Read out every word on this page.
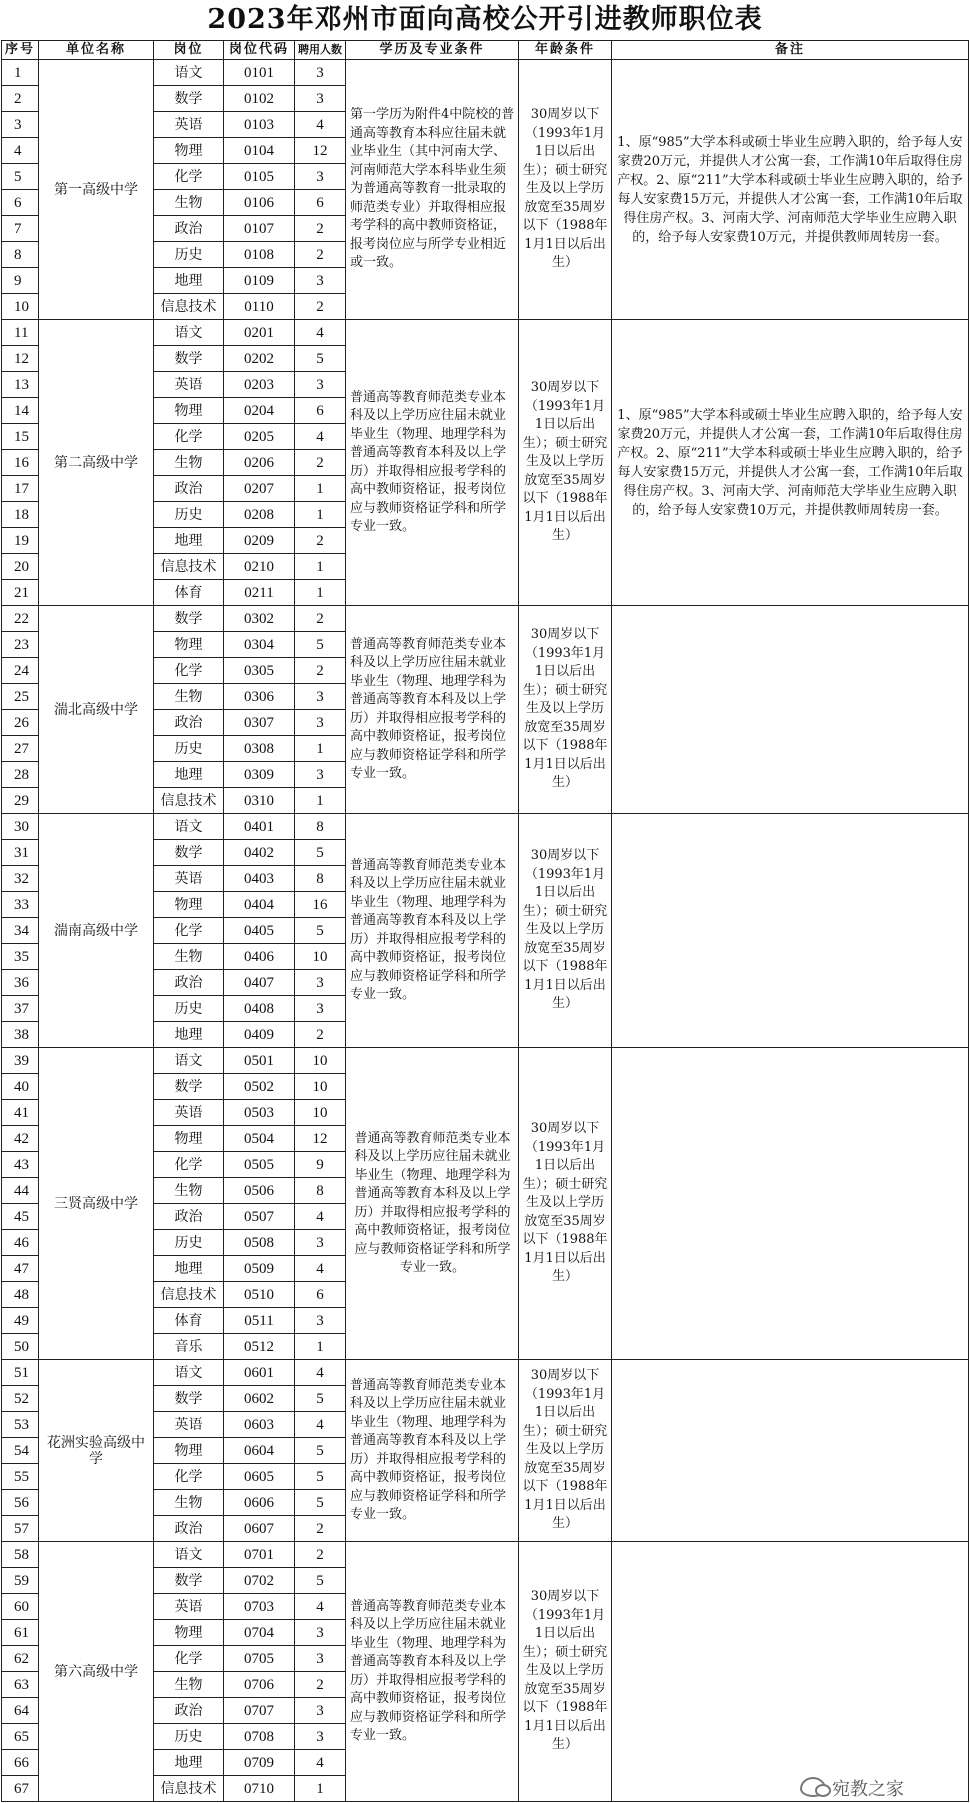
2023年邓州市面向高校公开引进教师职位表
序号	单位名称	岗位	岗位代码	聘用人数	学历及专业条件	年龄条件	备注
1	第一高级中学	语文	0101	3	第一学历为附件4中院校的普通高等教育本科应往届未就业毕业生（其中河南大学、河南师范大学本科毕业生须为普通高等教育一批录取的师范类专业）并取得相应报考学科的高中教师资格证，报考岗位应与所学专业相近或一致。	30周岁以下（1993年1月1日以后出生）；硕士研究生及以上学历放宽至35周岁以下（1988年1月1日以后出生）	1、原“985”大学本科或硕士毕业生应聘入职的，给予每人安家费20万元，并提供人才公寓一套，工作满10年后取得住房产权。2、原“211”大学本科或硕士毕业生应聘入职的，给予每人安家费15万元，并提供人才公寓一套，工作满10年后取得住房产权。3、河南大学、河南师范大学毕业生应聘入职的，给予每人安家费10万元，并提供教师周转房一套。
2		数学	0102	3			
3		英语	0103	4			
4		物理	0104	12			
5		化学	0105	3			
6		生物	0106	6			
7		政治	0107	2			
8		历史	0108	2			
9		地理	0109	3			
10		信息技术	0110	2			
11	第二高级中学	语文	0201	4	普通高等教育师范类专业本科及以上学历应往届未就业毕业生（物理、地理学科为普通高等教育本科及以上学历）并取得相应报考学科的高中教师资格证，报考岗位应与教师资格证学科和所学专业一致。	30周岁以下（1993年1月1日以后出生）；硕士研究生及以上学历放宽至35周岁以下（1988年1月1日以后出生）	1、原“985”大学本科或硕士毕业生应聘入职的，给予每人安家费20万元，并提供人才公寓一套，工作满10年后取得住房产权。2、原“211”大学本科或硕士毕业生应聘入职的，给予每人安家费15万元，并提供人才公寓一套，工作满10年后取得住房产权。3、河南大学、河南师范大学毕业生应聘入职的，给予每人安家费10万元，并提供教师周转房一套。
12		数学	0202	5			
13		英语	0203	3			
14		物理	0204	6			
15		化学	0205	4			
16		生物	0206	2			
17		政治	0207	1			
18		历史	0208	1			
19		地理	0209	2			
20		信息技术	0210	1			
21		体育	0211	1			
22	湍北高级中学	数学	0302	2	普通高等教育师范类专业本科及以上学历应往届未就业毕业生（物理、地理学科为普通高等教育本科及以上学历）并取得相应报考学科的高中教师资格证，报考岗位应与教师资格证学科和所学专业一致。	30周岁以下（1993年1月1日以后出生）；硕士研究生及以上学历放宽至35周岁以下（1988年1月1日以后出生）	
23		物理	0304	5			
24		化学	0305	2			
25		生物	0306	3			
26		政治	0307	3			
27		历史	0308	1			
28		地理	0309	3			
29		信息技术	0310	1			
30	湍南高级中学	语文	0401	8	普通高等教育师范类专业本科及以上学历应往届未就业毕业生（物理、地理学科为普通高等教育本科及以上学历）并取得相应报考学科的高中教师资格证，报考岗位应与教师资格证学科和所学专业一致。	30周岁以下（1993年1月1日以后出生）；硕士研究生及以上学历放宽至35周岁以下（1988年1月1日以后出生）	
31		数学	0402	5			
32		英语	0403	8			
33		物理	0404	16			
34		化学	0405	5			
35		生物	0406	10			
36		政治	0407	3			
37		历史	0408	3			
38		地理	0409	2			
39	三贤高级中学	语文	0501	10	普通高等教育师范类专业本科及以上学历应往届未就业毕业生（物理、地理学科为普通高等教育本科及以上学历）并取得相应报考学科的高中教师资格证，报考岗位应与教师资格证学科和所学专业一致。	30周岁以下（1993年1月1日以后出生）；硕士研究生及以上学历放宽至35周岁以下（1988年1月1日以后出生）	
40		数学	0502	10			
41		英语	0503	10			
42		物理	0504	12			
43		化学	0505	9			
44		生物	0506	8			
45		政治	0507	4			
46		历史	0508	3			
47		地理	0509	4			
48		信息技术	0510	6			
49		体育	0511	3			
50		音乐	0512	1			
51	花洲实验高级中学	语文	0601	4	普通高等教育师范类专业本科及以上学历应往届未就业毕业生（物理、地理学科为普通高等教育本科及以上学历）并取得相应报考学科的高中教师资格证，报考岗位应与教师资格证学科和所学专业一致。	30周岁以下（1993年1月1日以后出生）；硕士研究生及以上学历放宽至35周岁以下（1988年1月1日以后出生）	
52		数学	0602	5			
53		英语	0603	4			
54		物理	0604	5			
55		化学	0605	5			
56		生物	0606	5			
57		政治	0607	2			
58	第六高级中学	语文	0701	2	普通高等教育师范类专业本科及以上学历应往届未就业毕业生（物理、地理学科为普通高等教育本科及以上学历）并取得相应报考学科的高中教师资格证，报考岗位应与教师资格证学科和所学专业一致。	30周岁以下（1993年1月1日以后出生）；硕士研究生及以上学历放宽至35周岁以下（1988年1月1日以后出生）	
59		数学	0702	5			
60		英语	0703	4			
61		物理	0704	3			
62		化学	0705	3			
63		生物	0706	2			
64		政治	0707	3			
65		历史	0708	3			
66		地理	0709	4			
67		信息技术	0710	1				宛教之家
